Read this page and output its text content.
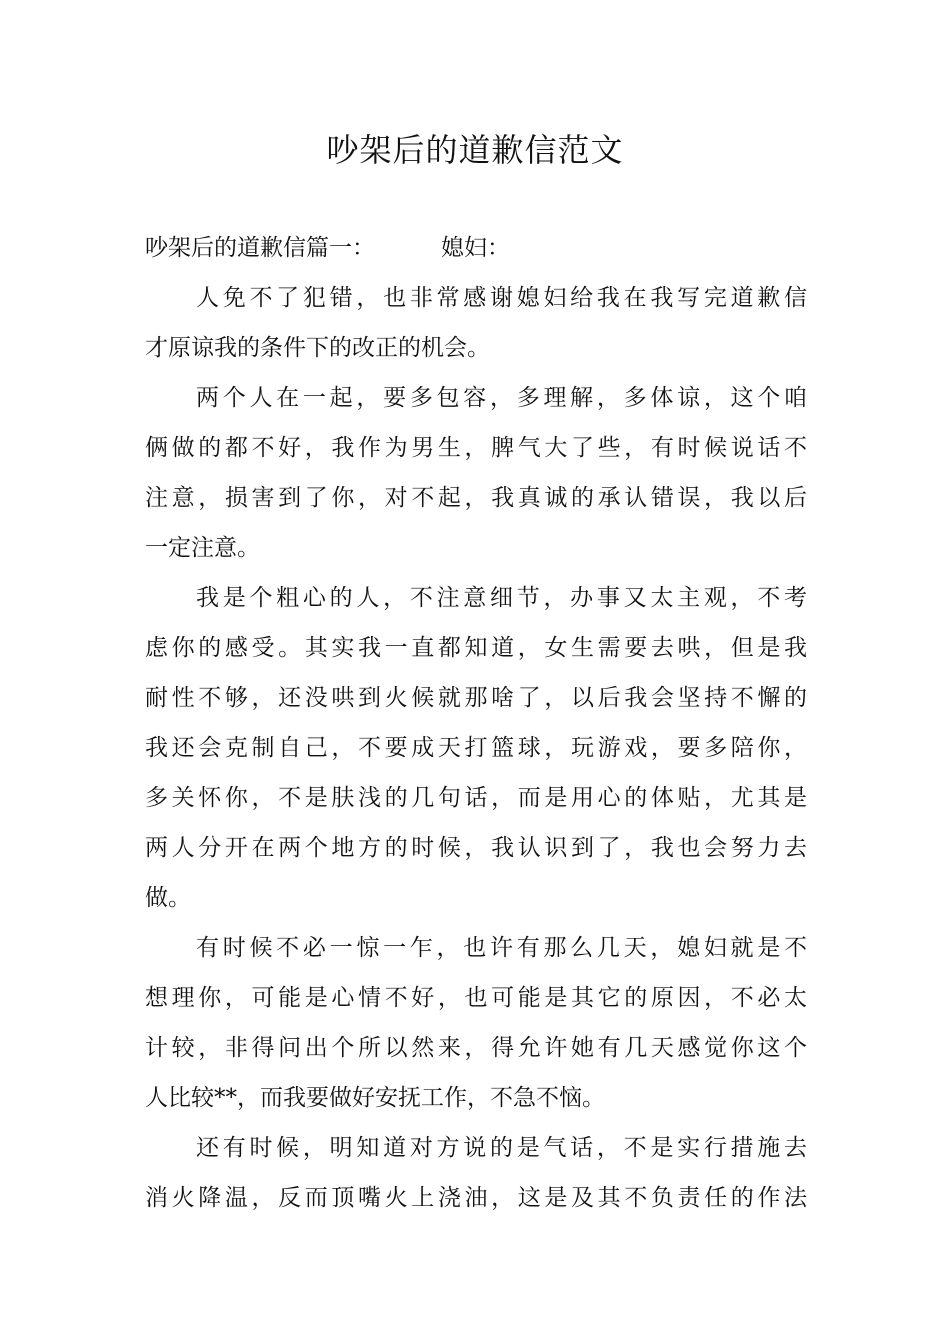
吵架后的道歉信范文
吵架后的道歉信篇一：	媳妇：
人免不了犯错，也非常感谢媳妇给我在我写完道歉信
才原谅我的条件下的改正的机会。
两个人在一起，要多包容，多理解，多体谅，这个咱
俩做的都不好，我作为男生，脾气大了些，有时候说话不
注意，损害到了你，对不起，我真诚的承认错误，我以后
一定注意。
我是个粗心的人，不注意细节，办事又太主观，不考
虑你的感受。其实我一直都知道，女生需要去哄，但是我
耐性不够，还没哄到火候就那啥了，以后我会坚持不懈的
我还会克制自己，不要成天打篮球，玩游戏，要多陪你，
多关怀你，不是肤浅的几句话，而是用心的体贴，尤其是
两人分开在两个地方的时候，我认识到了，我也会努力去
做。
有时候不必一惊一乍，也许有那么几天，媳妇就是不
想理你，可能是心情不好，也可能是其它的原因，不必太
计较，非得问出个所以然来，得允许她有几天感觉你这个
人比较**，而我要做好安抚工作，不急不恼。
还有时候，明知道对方说的是气话，不是实行措施去
消火降温，反而顶嘴火上浇油，这是及其不负责任的作法
